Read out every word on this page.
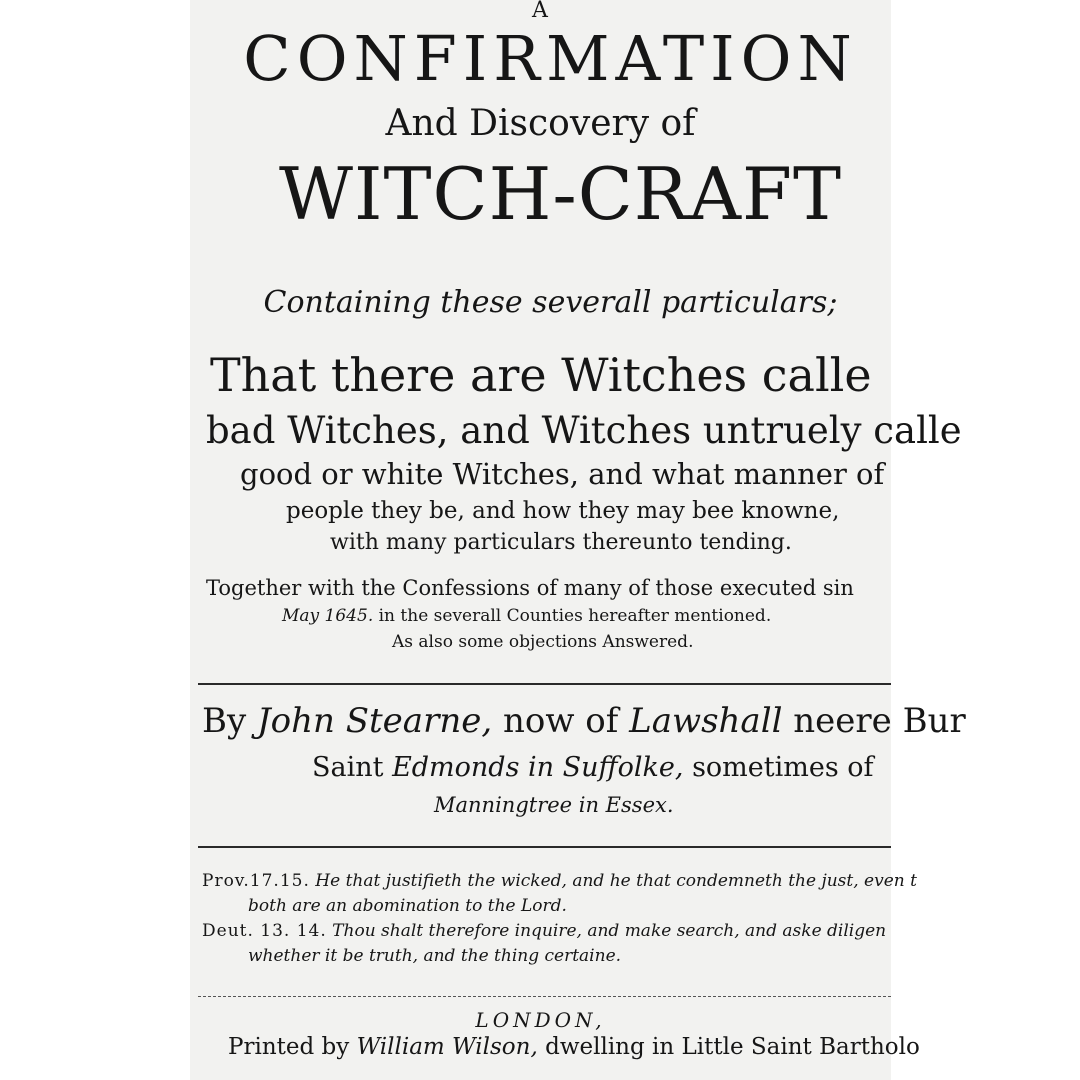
A
CONFIRMATION
And Discovery of
WITCH-CRAFT
Containing these severall particulars;
That there are Witches calle
bad Witches, and Witches untruely calle
good or white Witches, and what manner of
people they be, and how they may bee knowne,
with many particulars thereunto tending.
Together with the Confessions of many of those executed sin
May 1645. in the severall Counties hereafter mentioned.
As also some objections Answered.
By John Stearne, now of Lawshall neere Bur
Saint Edmonds in Suffolke, sometimes of
Manningtree in Essex.
Prov.17.15. He that justifieth the wicked, and he that condemneth the just, even t
both are an abomination to the Lord.
Deut. 13. 14. Thou shalt therefore inquire, and make search, and aske diligen
whether it be truth, and the thing certaine.
LONDON,
Printed by William Wilson, dwelling in Little Saint Bartholo
